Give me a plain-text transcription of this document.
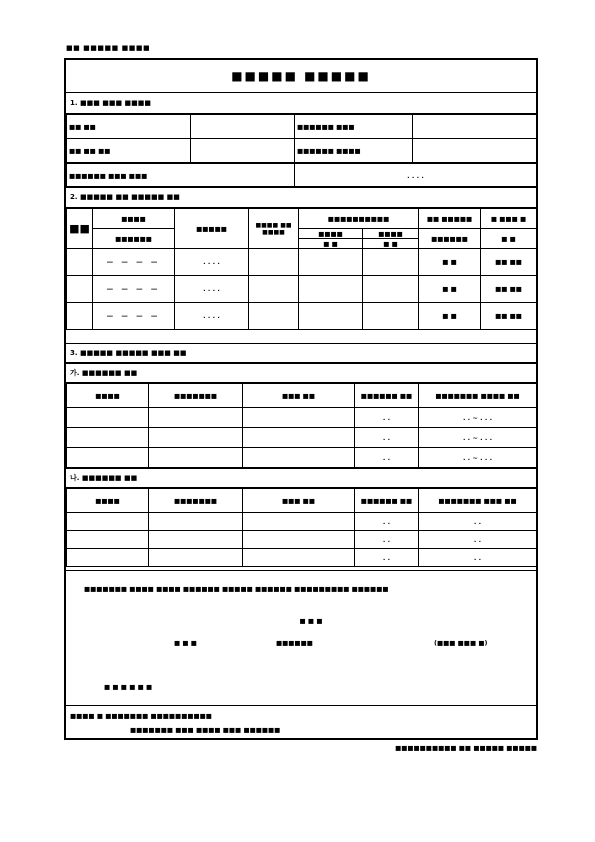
■■ ■■■■■ ■■■■
■■■■■ ■■■■■
1. ■■■ ■■■ ■■■■
■■ ■■		■■■■■■ ■■■	
■■ ■■ ■■		■■■■■■ ■■■■	
■■■■■■ ■■■ ■■■	. . . .
2. ■■■■■ ■■ ■■■■■ ■■
■■	■■■■	■■■■■	■■■■ ■■ ■■■■	■■■■■■■■■■		■■ ■■■■■	■ ■■■ ■
	■■■■■■			■■■■	■■■■	■■■■■■	■ ■
				■ ■	■ ■		
	— — — —	. . . .				■ ■	■■ ■■
	— — — —	. . . .				■ ■	■■ ■■
	— — — —	. . . .				■ ■	■■ ■■
3. ■■■■■ ■■■■■ ■■■ ■■
가. ■■■■■■ ■■
■■■■	■■■■■■■	■■■ ■■	■■■■■■ ■■	■■■■■■■ ■■■■ ■■
			. .	. . ~ . . .
			. .	. . ~ . . .
			. .	. . ~ . . .
나. ■■■■■■ ■■
■■■■	■■■■■■■	■■■ ■■	■■■■■■ ■■	■■■■■■■ ■■■ ■■
			. .	. .
			. .	. .
			. .	. .
■■■■■■■ ■■■■ ■■■■ ■■■■■■ ■■■■■ ■■■■■■ ■■■■■■■■■ ■■■■■■
■ ■ ■
■ ■ ■	■■■■■■	(■■■ ■■■ ■)
■ ■ ■ ■ ■ ■
■■■■ ■ ■■■■■■■ ■■■■■■■■■■
■■■■■■■ ■■■ ■■■■ ■■■ ■■■■■■
■■■■■■■■■■ ■■ ■■■■■ ■■■■■
